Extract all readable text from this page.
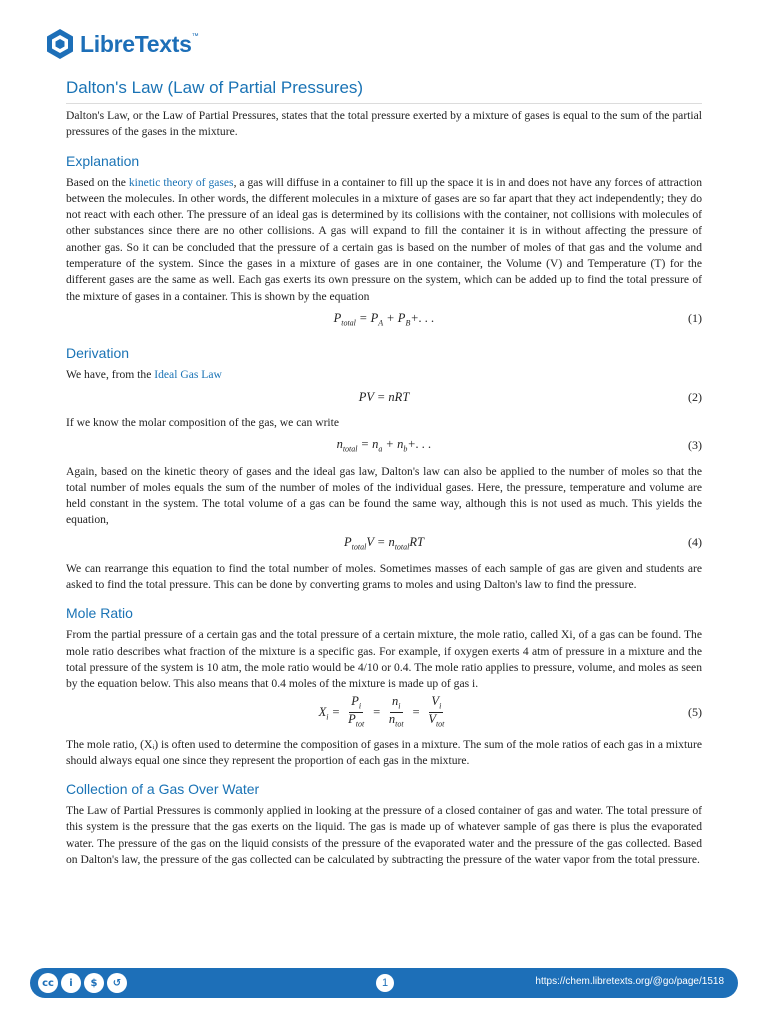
LibreTexts™
Dalton's Law (Law of Partial Pressures)

Dalton's Law, or the Law of Partial Pressures, states that the total pressure exerted by a mixture of gases is equal to the sum of the partial pressures of the gases in the mixture.

Explanation

Based on the kinetic theory of gases, a gas will diffuse in a container to fill up the space it is in and does not have any forces of attraction between the molecules. In other words, the different molecules in a mixture of gases are so far apart that they act independently; they do not react with each other. The pressure of an ideal gas is determined by its collisions with the container, not collisions with molecules of other substances since there are no other collisions. A gas will expand to fill the container it is in without affecting the pressure of another gas. So it can be concluded that the pressure of a certain gas is based on the number of moles of that gas and the volume and temperature of the system. Since the gases in a mixture of gases are in one container, the Volume (V) and Temperature (T) for the different gases are the same as well. Each gas exerts its own pressure on the system, which can be added up to find the total pressure of the mixture of gases in a container. This is shown by the equation

$P_{total} = P_A + P_B+$. . .	(1)
Derivation

We have, from the Ideal Gas Law

PV = nRT	(2)

If we know the molar composition of the gas, we can write

$n_{total} = n_a + n_b+$. . .	(3)

Again, based on the kinetic theory of gases and the ideal gas law, Dalton's law can also be applied to the number of moles so that the total number of moles equals the sum of the number of moles of the individual gases. Here, the pressure, temperature and volume are held constant in the system. The total volume of a gas can be found the same way, although this is not used as much. This yields the equation,

$P_{total}V = n_{total}RT$	(4)

We can rearrange this equation to find the total number of moles. Sometimes masses of each sample of gas are given and students are asked to find the total pressure. This can be done by converting grams to moles and using Dalton's law to find the pressure.

Mole Ratio

From the partial pressure of a certain gas and the total pressure of a certain mixture, the mole ratio, called Xi, of a gas can be found. The mole ratio describes what fraction of the mixture is a specific gas. For example, if oxygen exerts 4 atm of pressure in a mixture and the total pressure of the system is 10 atm, the mole ratio would be 4/10 or 0.4. The mole ratio applies to pressure, volume, and moles as seen by the equation below. This also means that 0.4 moles of the mixture is made up of gas i.

$X_i = \frac{P_i}{P_{tot}} = \frac{n_i}{n_{tot}} = \frac{V_i}{V_{tot}}$	(5)

The mole ratio, (Xᵢ) is often used to determine the composition of gases in a mixture. The sum of the mole ratios of each gas in a mixture should always equal one since they represent the proportion of each gas in the mixture.

Collection of a Gas Over Water

The Law of Partial Pressures is commonly applied in looking at the pressure of a closed container of gas and water. The total pressure of this system is the pressure that the gas exerts on the liquid. The gas is made up of whatever sample of gas there is plus the evaporated water. The pressure of the gas on the liquid consists of the pressure of the evaporated water and the pressure of the gas collected. Based on Dalton's law, the pressure of the gas collected can be calculated by subtracting the pressure of the water vapor from the total pressure.

cc	i	$	↺	1	https://chem.libretexts.org/@go/page/1518
